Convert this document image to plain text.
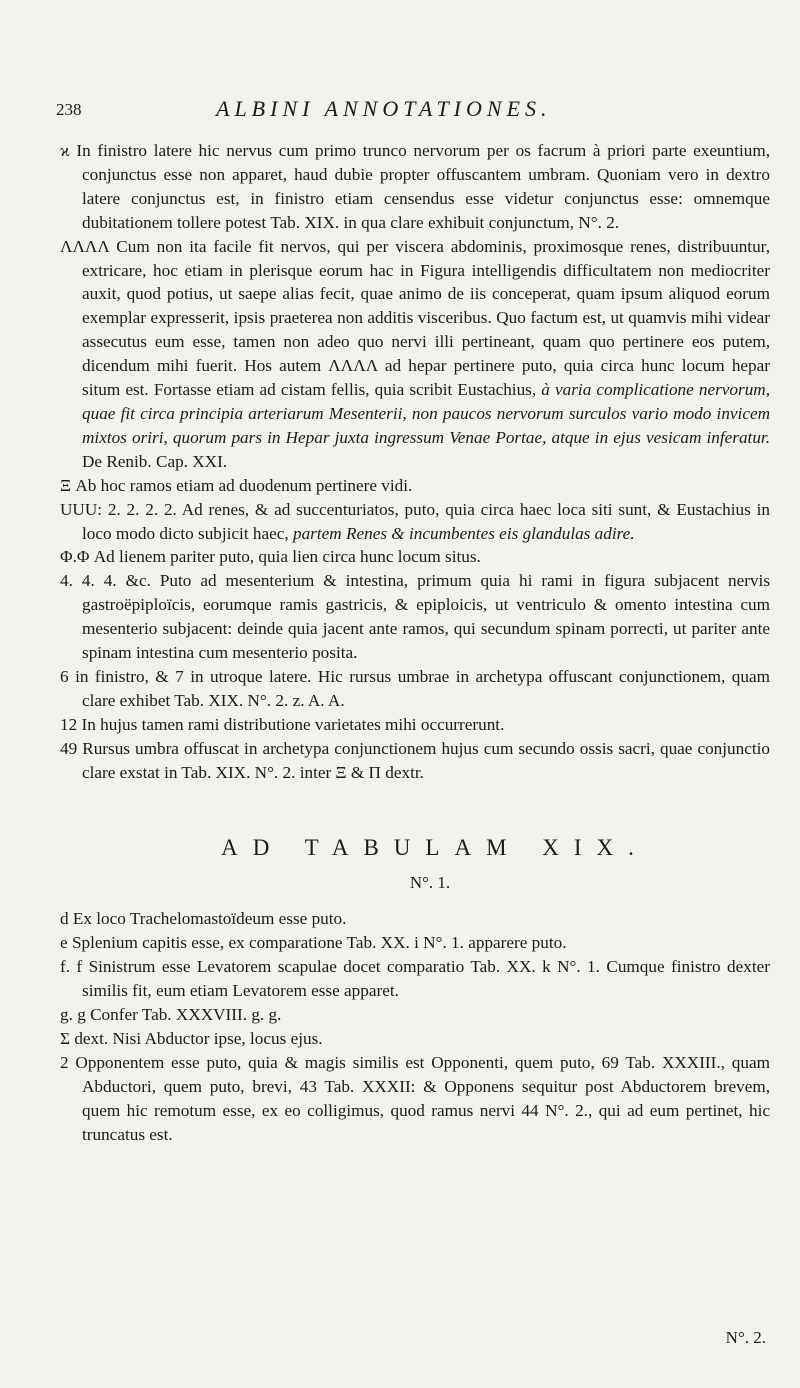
238	ALBINI ANNOTATIONES.
ϰ In finistro latere hic nervus cum primo trunco nervorum per os facrum à priori parte exeuntium, conjunctus esse non apparet, haud dubie propter offuscantem umbram. Quoniam vero in dextro latere conjunctus est, in finistro etiam censendus esse videtur conjunctus esse: omnemque dubitationem tollere potest Tab. XIX. in qua clare exhibuit conjunctum, N°. 2.
ΛΛΛΛ Cum non ita facile fit nervos, qui per viscera abdominis, proximosque renes, distribuuntur, extricare, hoc etiam in plerisque eorum hac in Figura intelligendis difficultatem non mediocriter auxit, quod potius, ut saepe alias fecit, quae animo de iis conceperat, quam ipsum aliquod eorum exemplar expresserit, ipsis praeterea non additis visceribus. Quo factum est, ut quamvis mihi videar assecutus eum esse, tamen non adeo quo nervi illi pertineant, quam quo pertinere eos putem, dicendum mihi fuerit. Hos autem ΛΛΛΛ ad hepar pertinere puto, quia circa hunc locum hepar situm est. Fortasse etiam ad cistam fellis, quia scribit Eustachius, à varia complicatione nervorum, quae fit circa principia arteriarum Mesenterii, non paucos nervorum surculos vario modo invicem mixtos oriri, quorum pars in Hepar juxta ingressum Venae Portae, atque in ejus vesicam inferatur. De Renib. Cap. XXI.
Ξ Ab hoc ramos etiam ad duodenum pertinere vidi.
UUU: 2. 2. 2. 2. Ad renes, & ad succenturiatos, puto, quia circa haec loca siti sunt, & Eustachius in loco modo dicto subjicit haec, partem Renes & incumbentes eis glandulas adire.
Φ.Φ Ad lienem pariter puto, quia lien circa hunc locum situs.
4. 4. 4. &c. Puto ad mesenterium & intestina, primum quia hi rami in figura subjacent nervis gastroëpiploïcis, eorumque ramis gastricis, & epiploicis, ut ventriculo & omento intestina cum mesenterio subjacent: deinde quia jacent ante ramos, qui secundum spinam porrecti, ut pariter ante spinam intestina cum mesenterio posita.
6 in finistro, & 7 in utroque latere. Hic rursus umbrae in archetypa offuscant conjunctionem, quam clare exhibet Tab. XIX. N°. 2. z. A. A.
12 In hujus tamen rami distributione varietates mihi occurrerunt.
49 Rursus umbra offuscat in archetypa conjunctionem hujus cum secundo ossis sacri, quae conjunctio clare exstat in Tab. XIX. N°. 2. inter Ξ & Π dextr.
AD TABULAM XIX.
N°. 1.
d Ex loco Trachelomastoïdeum esse puto.
e Splenium capitis esse, ex comparatione Tab. XX. i N°. 1. apparere puto.
f. f Sinistrum esse Levatorem scapulae docet comparatio Tab. XX. k N°. 1. Cumque finistro dexter similis fit, eum etiam Levatorem esse apparet.
g. g Confer Tab. XXXVIII. g. g.
Σ dext. Nisi Abductor ipse, locus ejus.
2 Opponentem esse puto, quia & magis similis est Opponenti, quem puto, 69 Tab. XXXIII., quam Abductori, quem puto, brevi, 43 Tab. XXXII: & Opponens sequitur post Abductorem brevem, quem hic remotum esse, ex eo colligimus, quod ramus nervi 44 N°. 2., qui ad eum pertinet, hic truncatus est.
N°. 2.
